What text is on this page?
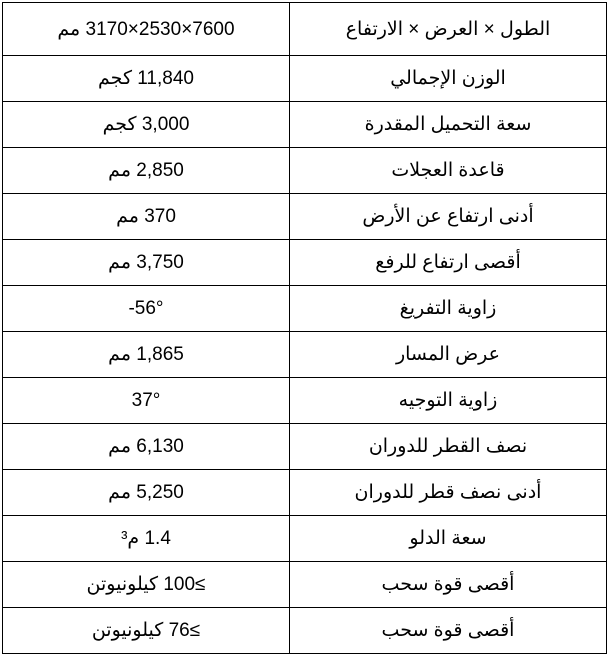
7600×2530×3170 مم	الطول × العرض × الارتفاع
11,840 كجم	الوزن الإجمالي
3,000 كجم	سعة التحميل المقدرة
2,850 مم	قاعدة العجلات
370 مم	أدنى ارتفاع عن الأرض
3,750 مم	أقصى ارتفاع للرفع
56°-	زاوية التفريغ
1,865 مم	عرض المسار
37°	زاوية التوجيه
6,130 مم	نصف القطر للدوران
5,250 مم	أدنى نصف قطر للدوران
1.4 م³	سعة الدلو
≥100 كيلونيوتن	أقصى قوة سحب
≥76 كيلونيوتن	أقصى قوة سحب
